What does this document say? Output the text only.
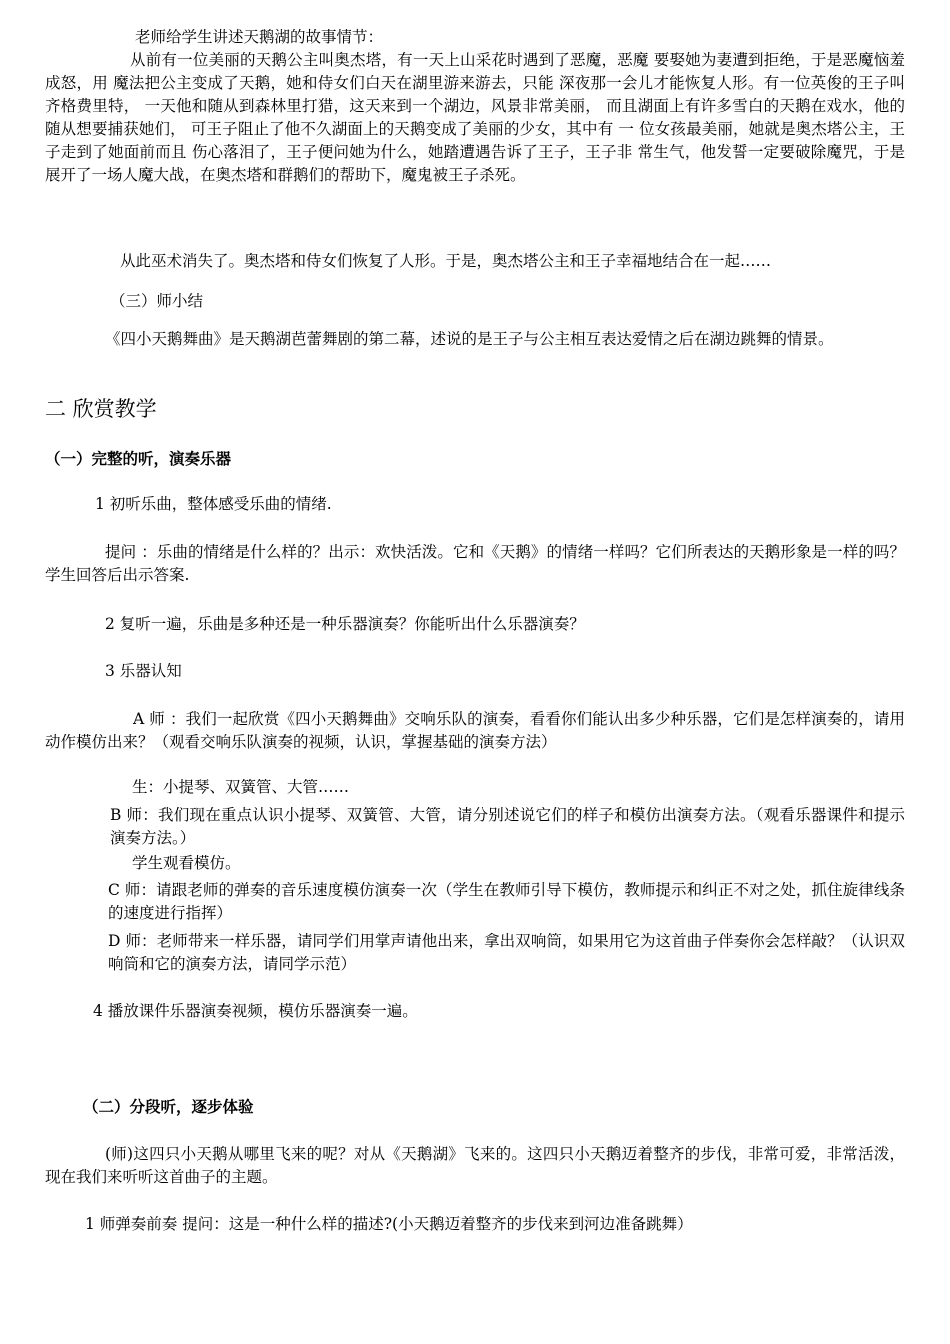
老师给学生讲述天鹅湖的故事情节：

从前有一位美丽的天鹅公主叫奥杰塔，有一天上山采花时遇到了恶魔，恶魔 要娶她为妻遭到拒绝，于是恶魔恼羞成怒，用 魔法把公主变成了天鹅，她和侍女们白天在湖里游来游去，只能 深夜那一会儿才能恢复人形。有一位英俊的王子叫齐格费里特， 一天他和随从到森林里打猎，这天来到一个湖边，风景非常美丽， 而且湖面上有许多雪白的天鹅在戏水，他的随从想要捕获她们， 可王子阻止了他不久湖面上的天鹅变成了美丽的少女，其中有 一 位女孩最美丽，她就是奥杰塔公主，王子走到了她面前而且 伤心落泪了，王子便问她为什么，她踏遭遇告诉了王子，王子非 常生气，他发誓一定要破除魔咒，于是展开了一场人魔大战，在奥杰塔和群鹅们的帮助下，魔鬼被王子杀死。

从此巫术消失了。奥杰塔和侍女们恢复了人形。于是，奥杰塔公主和王子幸福地结合在一起……

（三）师小结

《四小天鹅舞曲》是天鹅湖芭蕾舞剧的第二幕，述说的是王子与公主相互表达爱情之后在湖边跳舞的情景。

二 欣赏教学

（一）完整的听，演奏乐器

1 初听乐曲，整体感受乐曲的情绪.

提问 ：乐曲的情绪是什么样的？出示：欢快活泼。它和《天鹅》的情绪一样吗？它们所表达的天鹅形象是一样的吗？学生回答后出示答案.

2 复听一遍，乐曲是多种还是一种乐器演奏？你能听出什么乐器演奏？

3 乐器认知

A 师 ：我们一起欣赏《四小天鹅舞曲》交响乐队的演奏，看看你们能认出多少种乐器，它们是怎样演奏的，请用动作模仿出来？（观看交响乐队演奏的视频，认识，掌握基础的演奏方法）

生：小提琴、双簧管、大管……

B 师：我们现在重点认识小提琴、双簧管、大管，请分别述说它们的样子和模仿出演奏方法。（观看乐器课件和提示演奏方法。）

学生观看模仿。

C 师：请跟老师的弹奏的音乐速度模仿演奏一次（学生在教师引导下模仿，教师提示和纠正不对之处，抓住旋律线条的速度进行指挥）

D 师：老师带来一样乐器，请同学们用掌声请他出来，拿出双响筒，如果用它为这首曲子伴奏你会怎样敲？（认识双响筒和它的演奏方法，请同学示范）

4 播放课件乐器演奏视频，模仿乐器演奏一遍。

（二）分段听，逐步体验

(师)这四只小天鹅从哪里飞来的呢？对从《天鹅湖》飞来的。这四只小天鹅迈着整齐的步伐，非常可爱，非常活泼，现在我们来听听这首曲子的主题。

1 师弹奏前奏 提问：这是一种什么样的描述?(小天鹅迈着整齐的步伐来到河边准备跳舞）
